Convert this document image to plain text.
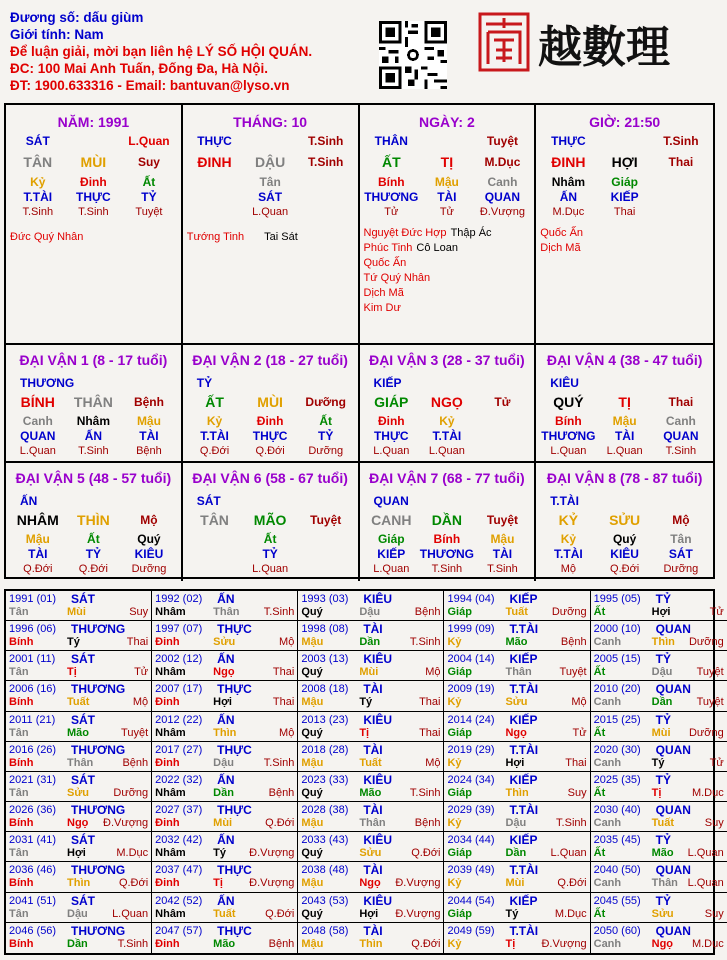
Đương số: dấu giùm
Giới tính: Nam
Để luận giải, mời bạn liên hệ LÝ SỐ HỘI QUÁN.
ĐC: 100 Mai Anh Tuấn, Đống Đa, Hà Nội.
ĐT: 1900.633316 - Email: bantuvan@lyso.vn
越數理
NĂM: 1991
SÁT	L.Quan
TÂN	MÙI	Suy
Kỷ	Đinh	Ất
T.TÀI	THỰC	TỶ
T.Sinh	T.Sinh	Tuyệt
Đức Quý Nhân
THÁNG: 10
THỰC	T.Sinh
ĐINH	DẬU	T.Sinh
Tân
SÁT
L.Quan
Tướng Tinh Tai Sát
NGÀY: 2
THÂN	Tuyệt
ẤT	TỊ	M.Dục
Bính	Mậu	Canh
THƯƠNG	TÀI	QUAN
Tử	Tử	Đ.Vượng
Nguyệt Đức Hợp Thập Ác
Phúc Tinh Cô Loan
Quốc Ấn
Tứ Quý Nhân
Dịch Mã
Kim Dư
GIỜ: 21:50
THỰC	T.Sinh
ĐINH	HỢI	Thai
Nhâm	Giáp
ẤN	KIẾP
M.Dục	Thai
Quốc Ấn
Dịch Mã
ĐẠI VẬN 1 (8 - 17 tuổi)
THƯƠNG
BÍNH	THÂN	Bệnh
Canh	Nhâm	Mậu
QUAN	ẤN	TÀI
L.Quan	T.Sinh	Bệnh
ĐẠI VẬN 2 (18 - 27 tuổi)
TỶ
ẤT	MÙI	Dưỡng
Kỷ	Đinh	Ất
T.TÀI	THỰC	TỶ
Q.Đới	Q.Đới	Dưỡng
ĐẠI VẬN 3 (28 - 37 tuổi)
KIẾP
GIÁP	NGỌ	Tử
Đinh	Kỷ
THỰC	T.TÀI
L.Quan	L.Quan
ĐẠI VẬN 4 (38 - 47 tuổi)
KIÊU
QUÝ	TỊ	Thai
Bính	Mậu	Canh
THƯƠNG	TÀI	QUAN
L.Quan	L.Quan	T.Sinh
ĐẠI VẬN 5 (48 - 57 tuổi)
ẤN
NHÂM	THÌN	Mộ
Mậu	Ất	Quý
TÀI	TỶ	KIÊU
Q.Đới	Q.Đới	Dưỡng
ĐẠI VẬN 6 (58 - 67 tuổi)
SÁT
TÂN	MÃO	Tuyệt
Ất
TỶ
L.Quan
ĐẠI VẬN 7 (68 - 77 tuổi)
QUAN
CANH	DẦN	Tuyệt
Giáp	Bính	Mậu
KIẾP	THƯƠNG	TÀI
L.Quan	T.Sinh	T.Sinh
ĐẠI VẬN 8 (78 - 87 tuổi)
T.TÀI
KỶ	SỬU	Mộ
Kỷ	Quý	Tân
T.TÀI	KIÊU	SÁT
Mộ	Q.Đới	Dưỡng
1991 (01)	SÁT
Tân	Mùi	Suy
1992 (02)	ẤN
Nhâm	Thân	T.Sinh
1993 (03)	KIÊU
Quý	Dậu	Bệnh
1994 (04)	KIẾP
Giáp	Tuất	Dưỡng
1995 (05)	TỶ
Ất	Hợi	Tử
1996 (06)	THƯƠNG
Bính	Tý	Thai
1997 (07)	THỰC
Đinh	Sửu	Mộ
1998 (08)	TÀI
Mậu	Dần	T.Sinh
1999 (09)	T.TÀI
Kỷ	Mão	Bệnh
2000 (10)	QUAN
Canh	Thìn	Dưỡng
2001 (11)	SÁT
Tân	Tị	Tử
2002 (12)	ẤN
Nhâm	Ngọ	Thai
2003 (13)	KIÊU
Quý	Mùi	Mộ
2004 (14)	KIẾP
Giáp	Thân	Tuyệt
2005 (15)	TỶ
Ất	Dậu	Tuyệt
2006 (16)	THƯƠNG
Bính	Tuất	Mộ
2007 (17)	THỰC
Đinh	Hợi	Thai
2008 (18)	TÀI
Mậu	Tý	Thai
2009 (19)	T.TÀI
Kỷ	Sửu	Mộ
2010 (20)	QUAN
Canh	Dần	Tuyệt
2011 (21)	SÁT
Tân	Mão	Tuyệt
2012 (22)	ẤN
Nhâm	Thìn	Mộ
2013 (23)	KIÊU
Quý	Tị	Thai
2014 (24)	KIẾP
Giáp	Ngọ	Tử
2015 (25)	TỶ
Ất	Mùi	Dưỡng
2016 (26)	THƯƠNG
Bính	Thân	Bệnh
2017 (27)	THỰC
Đinh	Dậu	T.Sinh
2018 (28)	TÀI
Mậu	Tuất	Mộ
2019 (29)	T.TÀI
Kỷ	Hợi	Thai
2020 (30)	QUAN
Canh	Tý	Tử
2021 (31)	SÁT
Tân	Sửu	Dưỡng
2022 (32)	ẤN
Nhâm	Dần	Bệnh
2023 (33)	KIÊU
Quý	Mão	T.Sinh
2024 (34)	KIẾP
Giáp	Thìn	Suy
2025 (35)	TỶ
Ất	Tị	M.Dục
2026 (36)	THƯƠNG
Bính	Ngọ	Đ.Vượng
2027 (37)	THỰC
Đinh	Mùi	Q.Đới
2028 (38)	TÀI
Mậu	Thân	Bệnh
2029 (39)	T.TÀI
Kỷ	Dậu	T.Sinh
2030 (40)	QUAN
Canh	Tuất	Suy
2031 (41)	SÁT
Tân	Hợi	M.Dục
2032 (42)	ẤN
Nhâm	Tý	Đ.Vượng
2033 (43)	KIÊU
Quý	Sửu	Q.Đới
2034 (44)	KIẾP
Giáp	Dần	L.Quan
2035 (45)	TỶ
Ất	Mão	L.Quan
2036 (46)	THƯƠNG
Bính	Thìn	Q.Đới
2037 (47)	THỰC
Đinh	Tị	Đ.Vượng
2038 (48)	TÀI
Mậu	Ngọ	Đ.Vượng
2039 (49)	T.TÀI
Kỷ	Mùi	Q.Đới
2040 (50)	QUAN
Canh	Thân L.Quan
2041 (51)	SÁT
Tân	Dậu	L.Quan
2042 (52)	ẤN
Nhâm	Tuất	Q.Đới
2043 (53)	KIÊU
Quý	Hợi	Đ.Vượng
2044 (54)	KIẾP
Giáp	Tý	M.Dục
2045 (55)	TỶ
Ất	Sửu	Suy
2046 (56)	THƯƠNG
Bính	Dần	T.Sinh
2047 (57)	THỰC
Đinh	Mão	Bệnh
2048 (58)	TÀI
Mậu	Thìn	Q.Đới
2049 (59)	T.TÀI
Kỷ	Tị	Đ.Vượng
2050 (60)	QUAN
Canh	Ngọ	M.Dục
